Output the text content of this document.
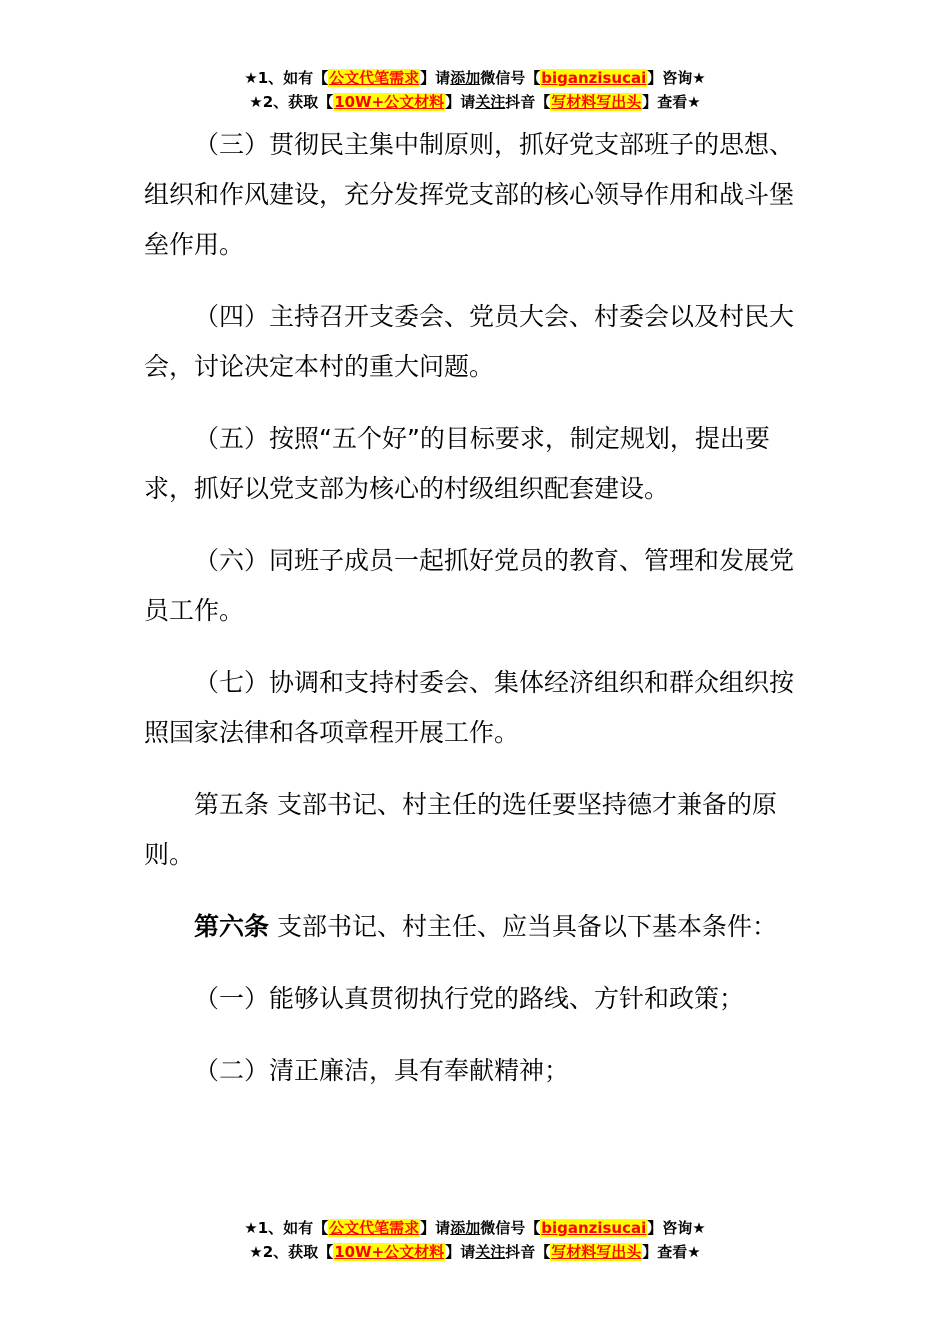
★1、如有【公文代笔需求】请添加微信号【biganzisucai】咨询★
★2、获取【10W+公文材料】请关注抖音【写材料写出头】查看★

（三）贯彻民主集中制原则，抓好党支部班子的思想、组织和作风建设，充分发挥党支部的核心领导作用和战斗堡垒作用。

（四）主持召开支委会、党员大会、村委会以及村民大会，讨论决定本村的重大问题。

（五）按照“五个好”的目标要求，制定规划，提出要求，抓好以党支部为核心的村级组织配套建设。

（六）同班子成员一起抓好党员的教育、管理和发展党员工作。

（七）协调和支持村委会、集体经济组织和群众组织按照国家法律和各项章程开展工作。

第五条 支部书记、村主任的选任要坚持德才兼备的原则。

第六条 支部书记、村主任、应当具备以下基本条件：

（一）能够认真贯彻执行党的路线、方针和政策；

（二）清正廉洁，具有奉献精神；

★1、如有【公文代笔需求】请添加微信号【biganzisucai】咨询★
★2、获取【10W+公文材料】请关注抖音【写材料写出头】查看★
